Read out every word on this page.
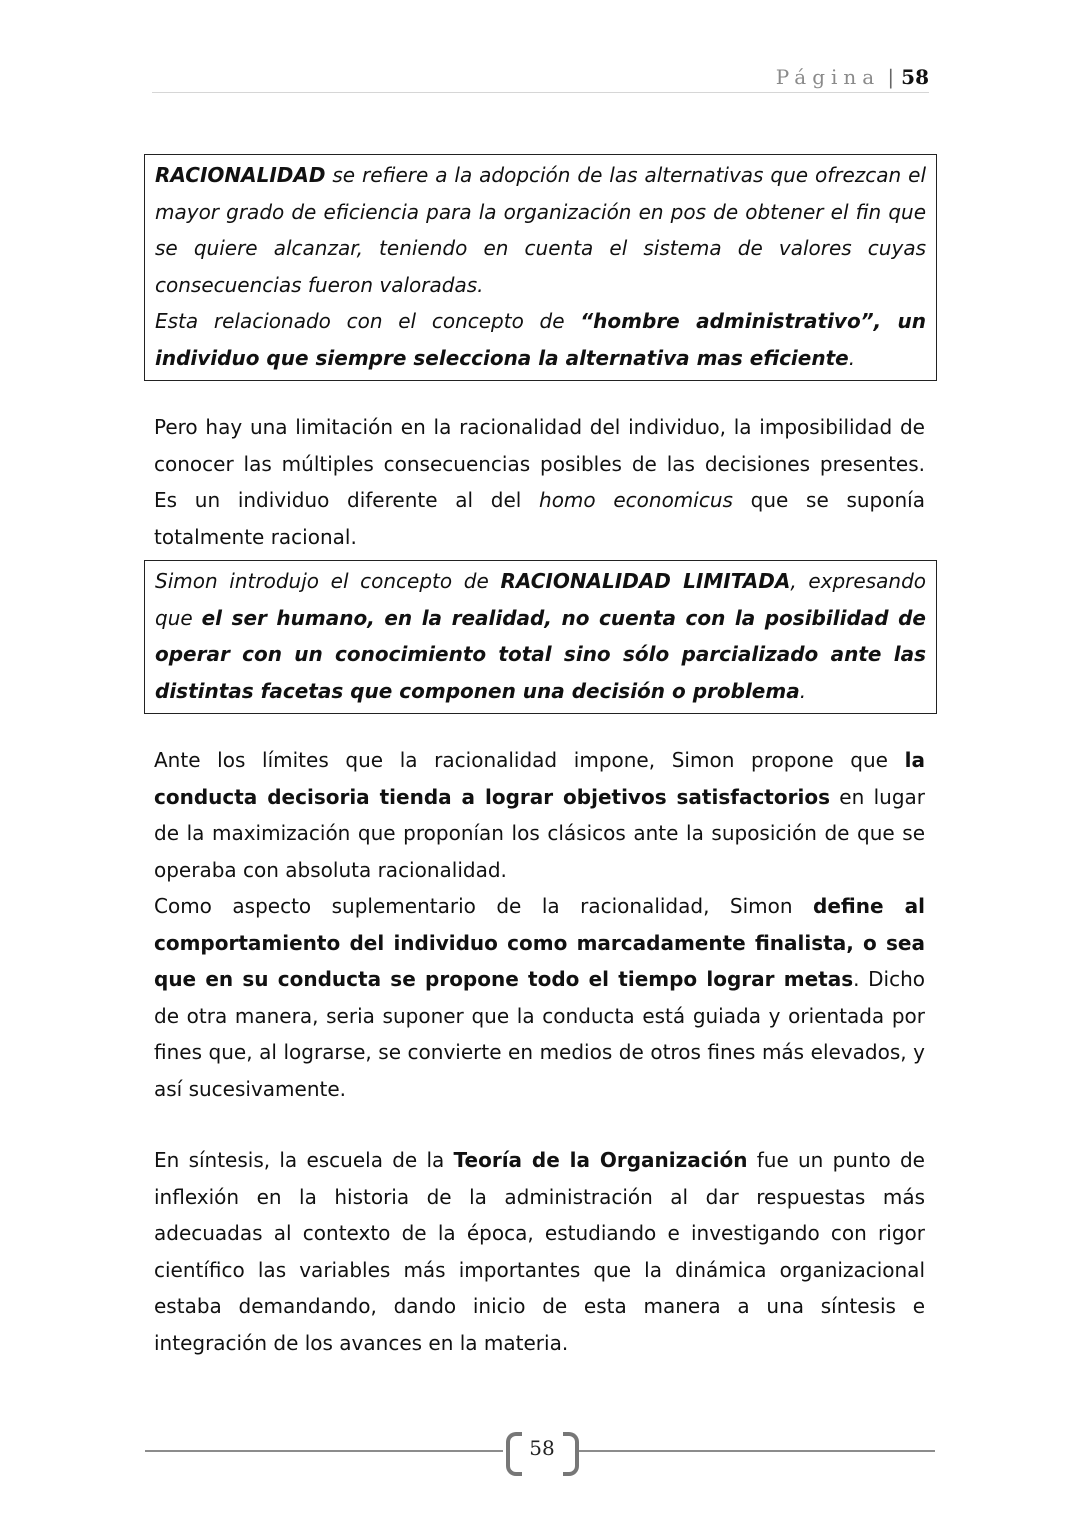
Página | 58

RACIONALIDAD se refiere a la adopción de las alternativas que ofrezcan el mayor grado de eficiencia para la organización en pos de obtener el fin que se quiere alcanzar, teniendo en cuenta el sistema de valores cuyas consecuencias fueron valoradas.

Esta relacionado con el concepto de “hombre administrativo”, un individuo que siempre selecciona la alternativa mas eficiente.

Pero hay una limitación en la racionalidad del individuo, la imposibilidad de conocer las múltiples consecuencias posibles de las decisiones presentes. Es un individuo diferente al del homo economicus que se suponía totalmente racional.

Simon introdujo el concepto de RACIONALIDAD LIMITADA, expresando que el ser humano, en la realidad, no cuenta con la posibilidad de operar con un conocimiento total sino sólo parcializado ante las distintas facetas que componen una decisión o problema.

Ante los límites que la racionalidad impone, Simon propone que la conducta decisoria tienda a lograr objetivos satisfactorios en lugar de la maximización que proponían los clásicos ante la suposición de que se operaba con absoluta racionalidad.

Como aspecto suplementario de la racionalidad, Simon define al comportamiento del individuo como marcadamente finalista, o sea que en su conducta se propone todo el tiempo lograr metas. Dicho de otra manera, seria suponer que la conducta está guiada y orientada por fines que, al lograrse, se convierte en medios de otros fines más elevados, y así sucesivamente.

En síntesis, la escuela de la Teoría de la Organización fue un punto de inflexión en la historia de la administración al dar respuestas más adecuadas al contexto de la época, estudiando e investigando con rigor científico las variables más importantes que la dinámica organizacional estaba demandando, dando inicio de esta manera a una síntesis e integración de los avances en la materia.

58
